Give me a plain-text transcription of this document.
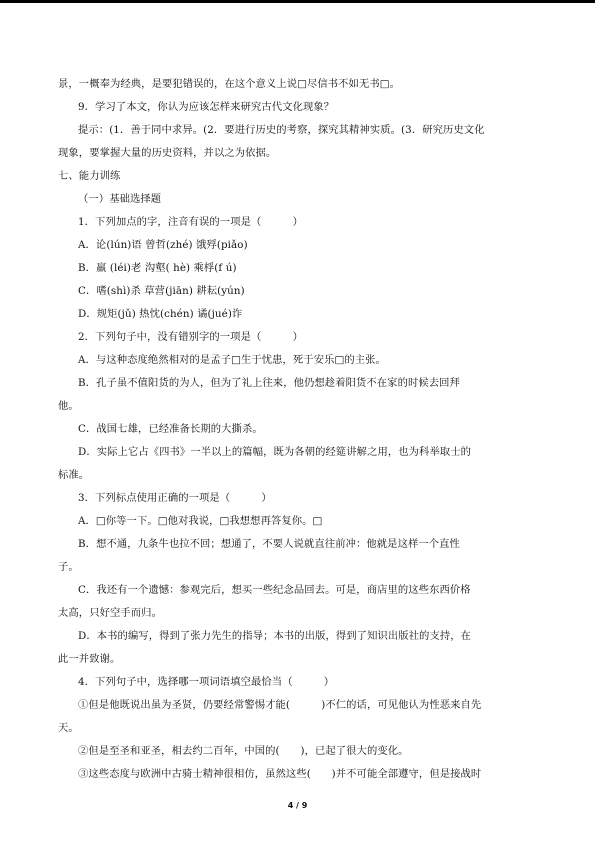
景，一概奉为经典，是要犯错误的，在这个意义上说□尽信书不如无书□。
9．学习了本文，你认为应该怎样来研究古代文化现象？
提示：(1．善于同中求异。(2．要进行历史的考察，探究其精神实质。(3．研究历史文化
现象，要掌握大量的历史资料，并以之为依据。
七、能力训练
（一）基础选择题
1．下列加点的字，注音有误的一项是（　　　）
A．论(lún)语 曾哲(zhé) 饿殍(piǎo)
B．羸 (léi)老 沟壑( hè) 乘桴(f ú)
C．嗜(shì)杀 草营(jiān) 耕耘(yún)
D．规矩(jǔ) 热忱(chén) 谲(jué)诈
2．下列句子中，没有错别字的一项是（　　　）
A．与这种态度绝然相对的是孟子□生于忧患，死于安乐□的主张。
B．孔子虽不值阳货的为人，但为了礼上往来，他仍想趁着阳货不在家的时候去回拜
他。
C．战国七雄，已经准备长期的大撕杀。
D．实际上它占《四书》一半以上的篇幅，既为各朝的经筵讲解之用，也为科举取士的
标准。
3．下列标点使用正确的一项是（　　　）
A．□你等一下。□他对我说，□我想想再答复你。□
B．想不通，九条牛也拉不回；想通了，不要人说就直往前冲：他就是这样一个直性
子。
C．我还有一个遗憾：参观完后，想买一些纪念品回去。可是，商店里的这些东西价格
太高，只好空手而归。
D．本书的编写，得到了张力先生的指导；本书的出版，得到了知识出版社的支持，在
此一并致谢。
4．下列句子中，选择哪一项词语填空最恰当（　　　）
①但是他既说出虽为圣贤，仍要经常警惕才能(　　　)不仁的话，可见他认为性恶来自先
天。
②但是至圣和亚圣，相去约二百年，中国的(　　)，已起了很大的变化。
③这些态度与欧洲中古骑士精神很相仿，虽然这些(　　)并不可能全部遵守，但是接战时
4 / 9
